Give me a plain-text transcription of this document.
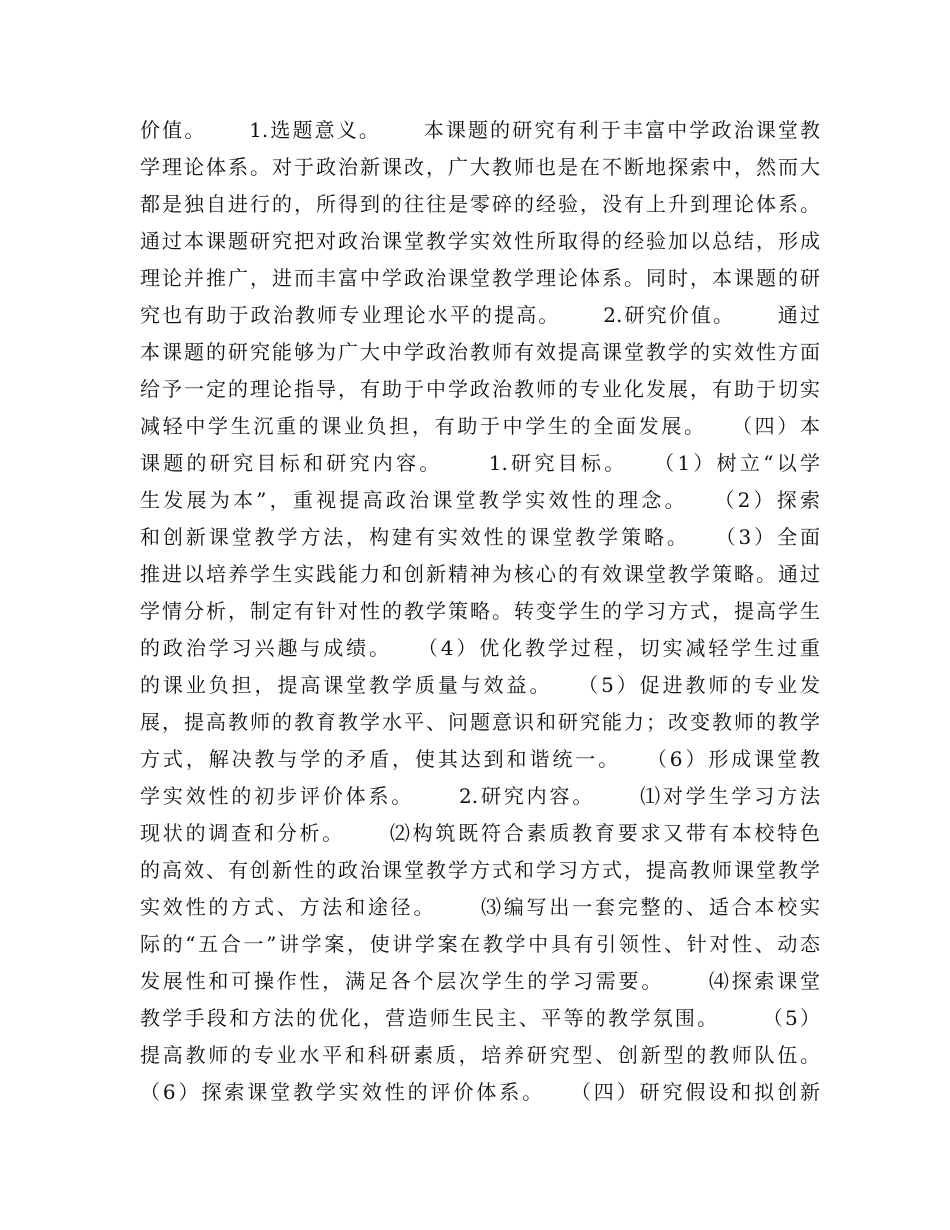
价值。　　 1.选题意义。　　 本课题的研究有利于丰富中学政治课堂教
学理论体系。对于政治新课改，广大教师也是在不断地探索中，然而大
都是独自进行的，所得到的往往是零碎的经验，没有上升到理论体系。
通过本课题研究把对政治课堂教学实效性所取得的经验加以总结，形成
理论并推广，进而丰富中学政治课堂教学理论体系。同时，本课题的研
究也有助于政治教师专业理论水平的提高。　　 2.研究价值。　　 通过
本课题的研究能够为广大中学政治教师有效提高课堂教学的实效性方面
给予一定的理论指导，有助于中学政治教师的专业化发展，有助于切实
减轻中学生沉重的课业负担，有助于中学生的全面发展。　　（四）本
课题的研究目标和研究内容。　　 1.研究目标。　　（1）树立“以学
生发展为本”，重视提高政治课堂教学实效性的理念。　　（2）探索
和创新课堂教学方法，构建有实效性的课堂教学策略。　　（3）全面
推进以培养学生实践能力和创新精神为核心的有效课堂教学策略。通过
学情分析，制定有针对性的教学策略。转变学生的学习方式，提高学生
的政治学习兴趣与成绩。　　（4）优化教学过程，切实减轻学生过重
的课业负担，提高课堂教学质量与效益。　　（5）促进教师的专业发
展，提高教师的教育教学水平、问题意识和研究能力；改变教师的教学
方式，解决教与学的矛盾，使其达到和谐统一。　　（6）形成课堂教
学实效性的初步评价体系。　　 2.研究内容。　　 ⑴对学生学习方法
现状的调查和分析。　　 ⑵构筑既符合素质教育要求又带有本校特色
的高效、有创新性的政治课堂教学方式和学习方式，提高教师课堂教学
实效性的方式、方法和途径。　　 ⑶编写出一套完整的、适合本校实
际的“五合一”讲学案，使讲学案在教学中具有引领性、针对性、动态
发展性和可操作性，满足各个层次学生的学习需要。　　 ⑷探索课堂
教学手段和方法的优化，营造师生民主、平等的教学氛围。　　 （5）
提高教师的专业水平和科研素质，培养研究型、创新型的教师队伍。
（6）探索课堂教学实效性的评价体系。　　（四）研究假设和拟创新
